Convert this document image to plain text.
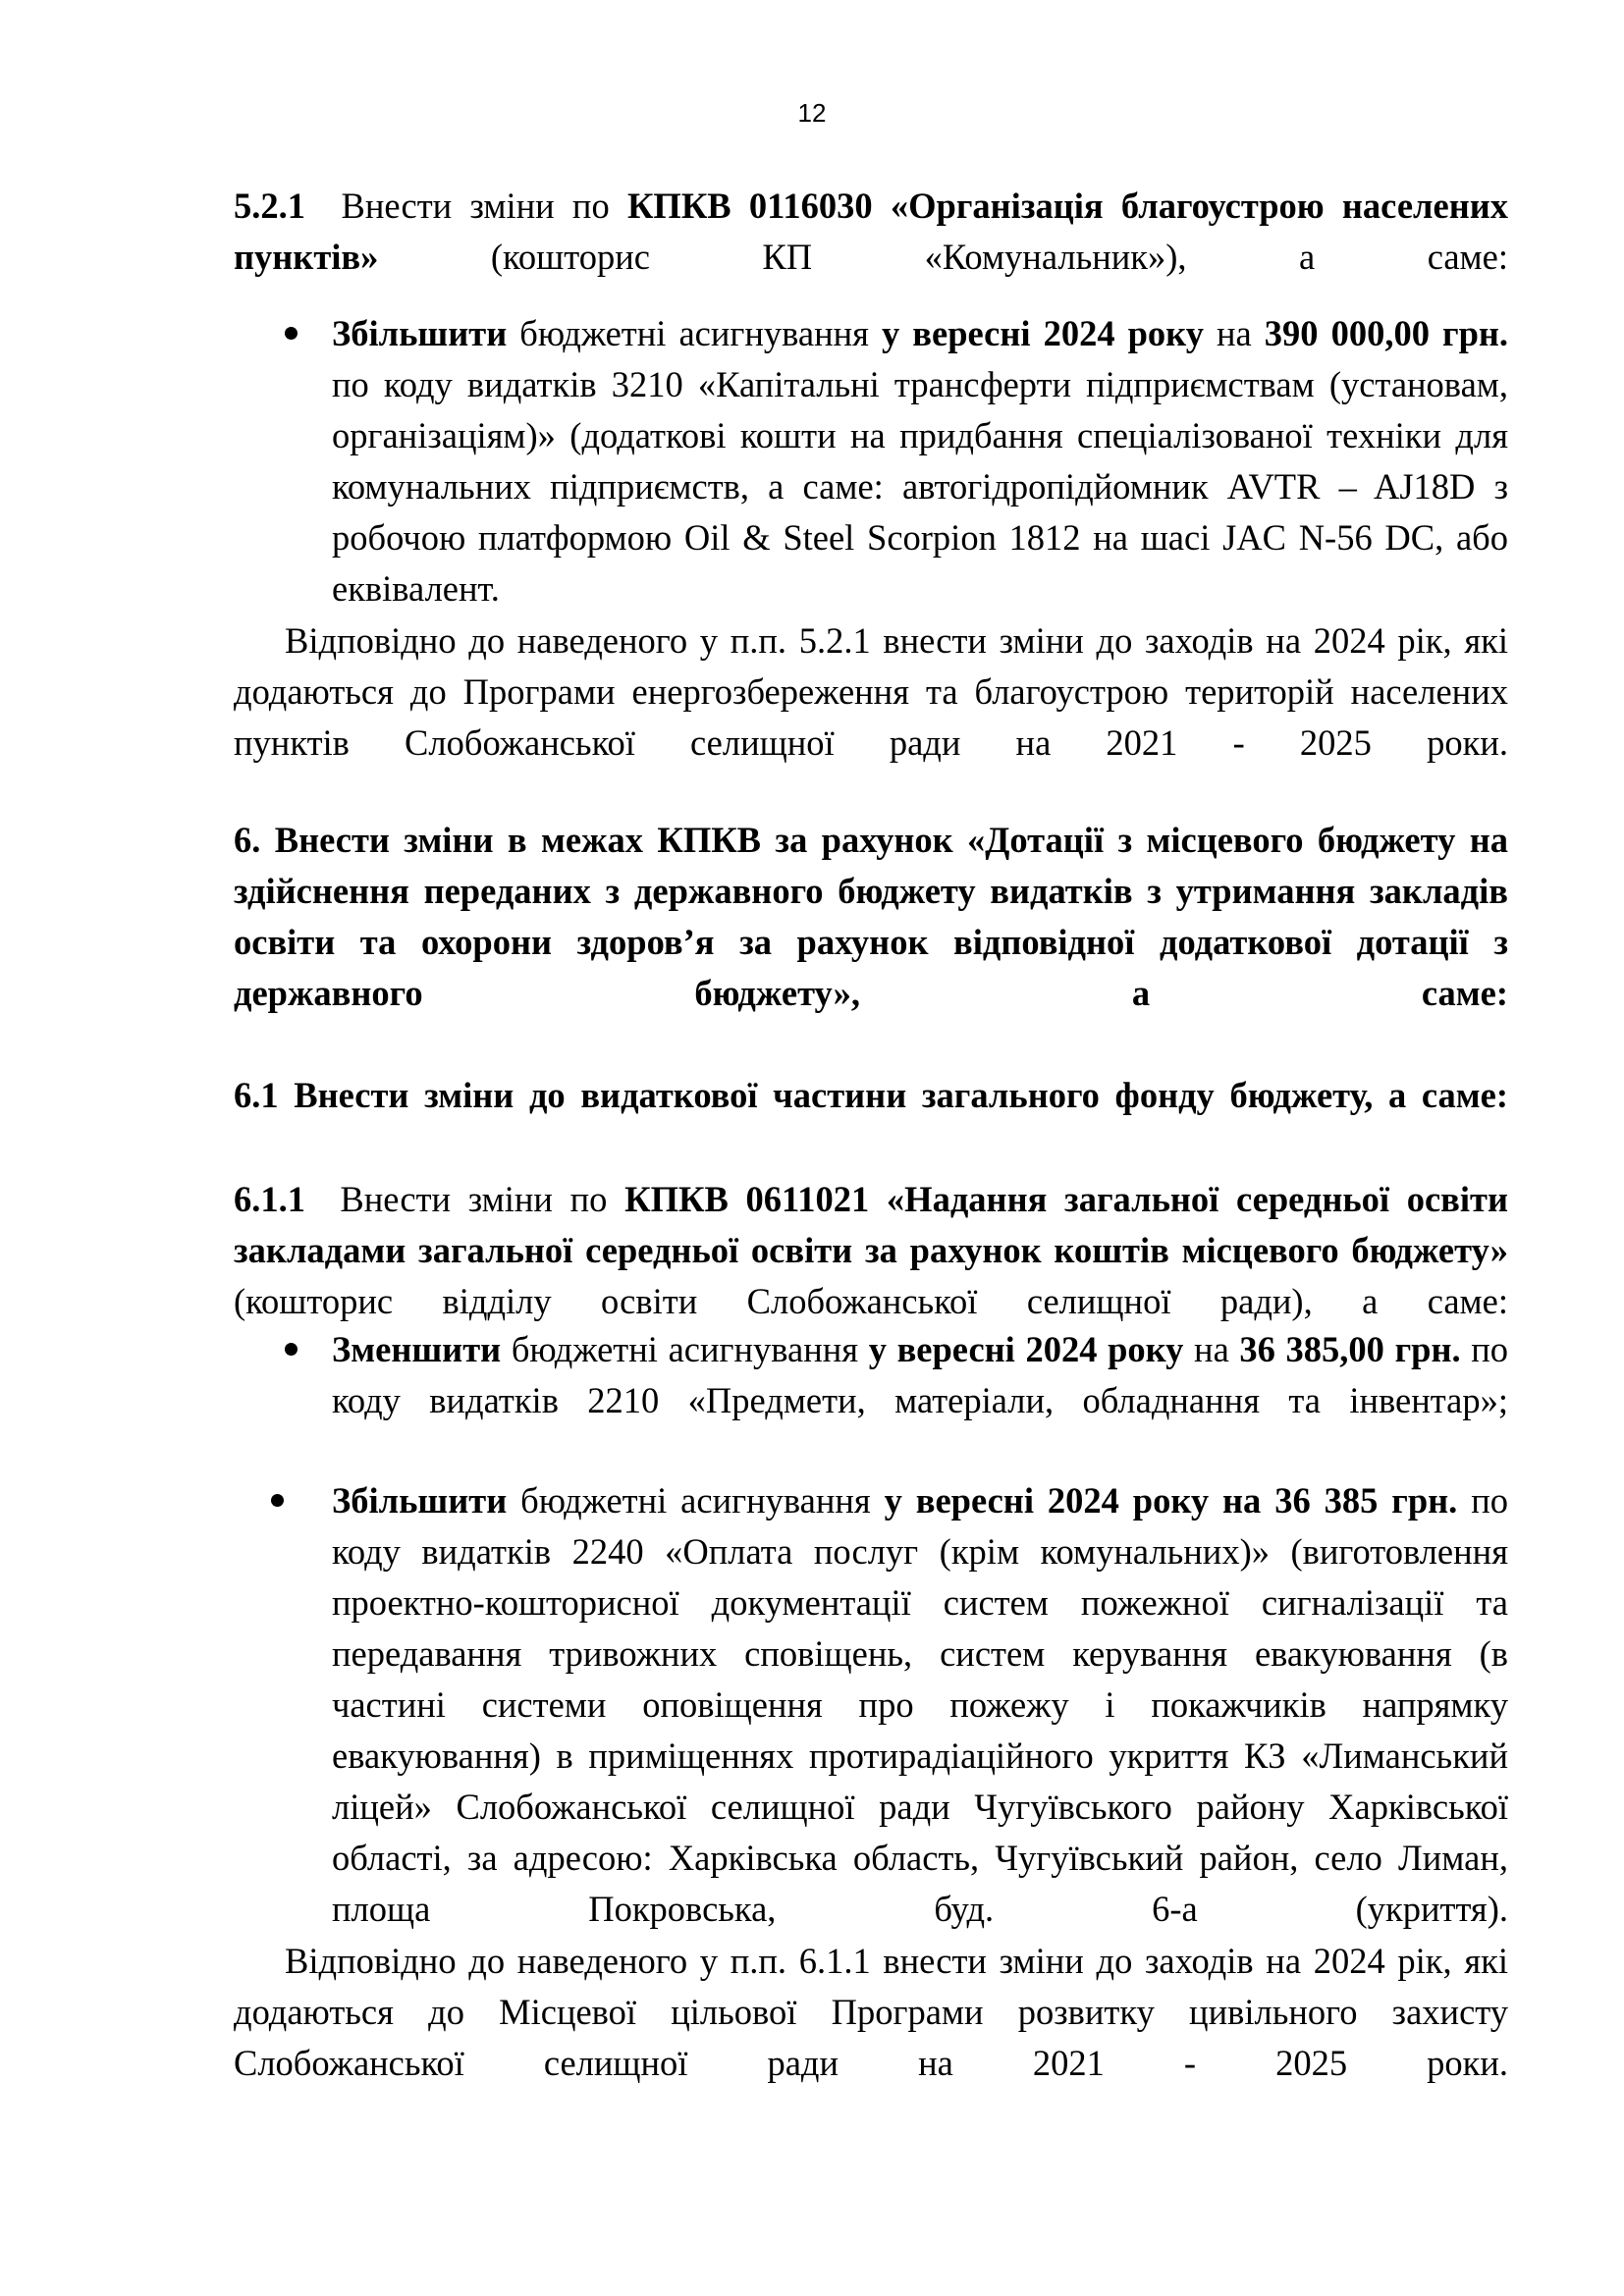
12

5.2.1 Внести зміни по КПКВ 0116030 «Організація благоустрою населених пунктів»	(кошторис КП «Комунальник»), а саме:

Збільшити бюджетні асигнування у вересні 2024 року на 390 000,00 грн. по коду видатків 3210 «Капітальні трансферти підприємствам (установам, організаціям)» (додаткові кошти на придбання спеціалізованої техніки для комунальних підприємств, а саме: автогідропідйомник AVTR – AJ18D з робочою платформою Oil & Steel Scorpion 1812 на шасі JAC N-56 DC, або еквівалент.

Відповідно до наведеного у п.п. 5.2.1 внести зміни до заходів на 2024 рік, які додаються до Програми енергозбереження та благоустрою територій населених пунктів Слобожанської селищної ради на 2021 - 2025 роки.

6. Внести зміни в межах КПКВ за рахунок «Дотації з місцевого бюджету на здійснення переданих з державного бюджету видатків з утримання закладів освіти та охорони здоров’я за рахунок відповідної додаткової дотації з державного бюджету», а саме:

6.1 Внести зміни до видаткової частини загального фонду бюджету, а саме:

6.1.1 Внести зміни по КПКВ 0611021 «Надання загальної середньої освіти закладами загальної середньої освіти за рахунок коштів місцевого бюджету» (кошторис відділу освіти Слобожанської селищної ради), а саме:

Зменшити бюджетні асигнування у вересні 2024 року на 36 385,00 грн. по коду видатків 2210 «Предмети, матеріали, обладнання та інвентар»;
Збільшити бюджетні асигнування у вересні 2024 року на 36 385 грн. по коду видатків 2240 «Оплата послуг (крім комунальних)» (виготовлення проектно-кошторисної документації систем пожежної сигналізації та передавання тривожних сповіщень, систем керування евакуювання (в частині системи оповіщення про пожежу і покажчиків напрямку евакуювання) в приміщеннях протирадіаційного укриття КЗ «Лиманський ліцей» Слобожанської селищної ради Чугуївського району Харківської області, за адресою: Харківська область, Чугуївський район, село Лиман, площа Покровська, буд. 6-а (укриття).

Відповідно до наведеного у п.п. 6.1.1 внести зміни до заходів на 2024 рік, які додаються до Місцевої цільової Програми розвитку цивільного захисту Слобожанської селищної ради на 2021 - 2025 роки.
